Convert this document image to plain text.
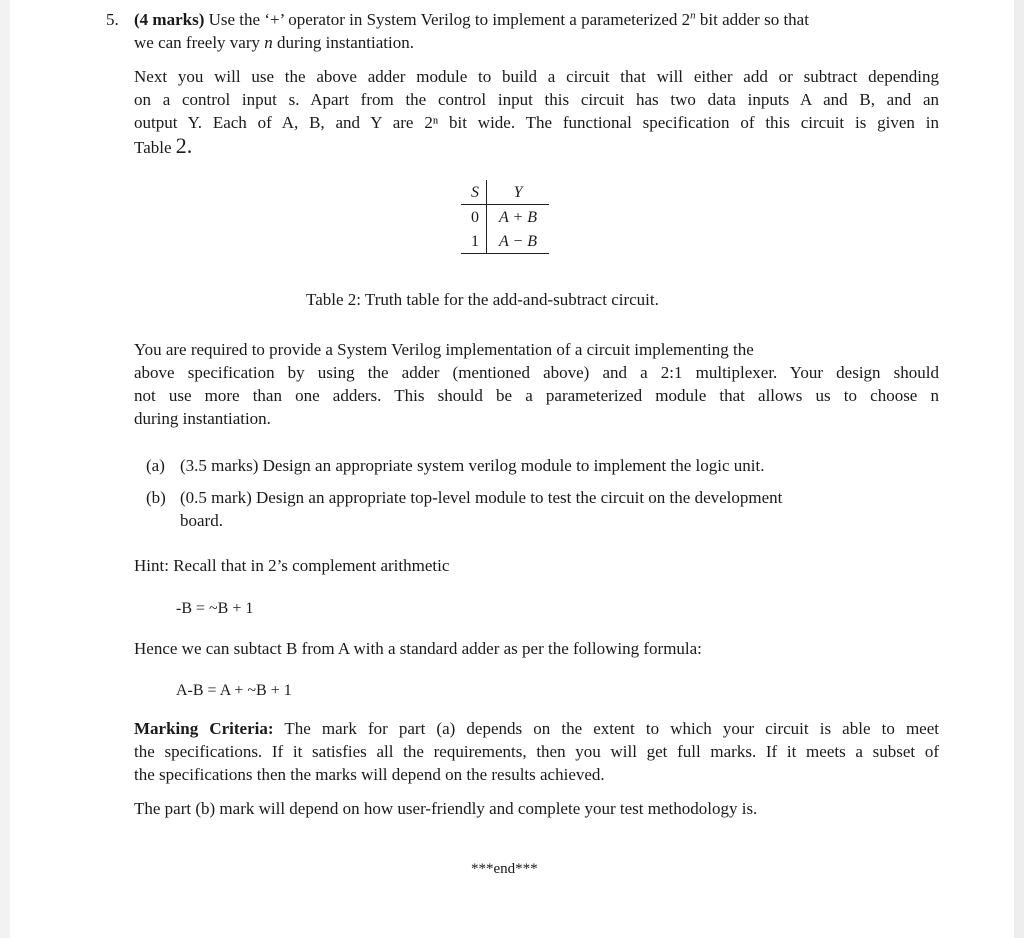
5. (4 marks) Use the ‘+’ operator in System Verilog to implement a parameterized 2$^n$ bit adder so that
we can freely vary n during instantiation.
Next you will use the above adder module to build a circuit that will either add or subtract depending
on a control input s. Apart from the control input this circuit has two data inputs A and B, and an
output Y. Each of A, B, and Y are 2ⁿ bit wide. The functional specification of this circuit is given in
Table 2.
S	Y
0	A + B
1	A − B
Table 2: Truth table for the add-and-subtract circuit.
You are required to provide a System Verilog implementation of a circuit implementing the
above specification by using the adder (mentioned above) and a 2:1 multiplexer. Your design should
not use more than one adders. This should be a parameterized module that allows us to choose n
during instantiation.
(a) (3.5 marks) Design an appropriate system verilog module to implement the logic unit.
(b) (0.5 mark) Design an appropriate top-level module to test the circuit on the development
board.
Hint: Recall that in 2’s complement arithmetic
-B = ~B + 1
Hence we can subtact B from A with a standard adder as per the following formula:
A-B = A + ~B + 1
Marking Criteria: The mark for part (a) depends on the extent to which your circuit is able to meet
the specifications. If it satisfies all the requirements, then you will get full marks. If it meets a subset of
the specifications then the marks will depend on the results achieved.
The part (b) mark will depend on how user-friendly and complete your test methodology is.
***end***
